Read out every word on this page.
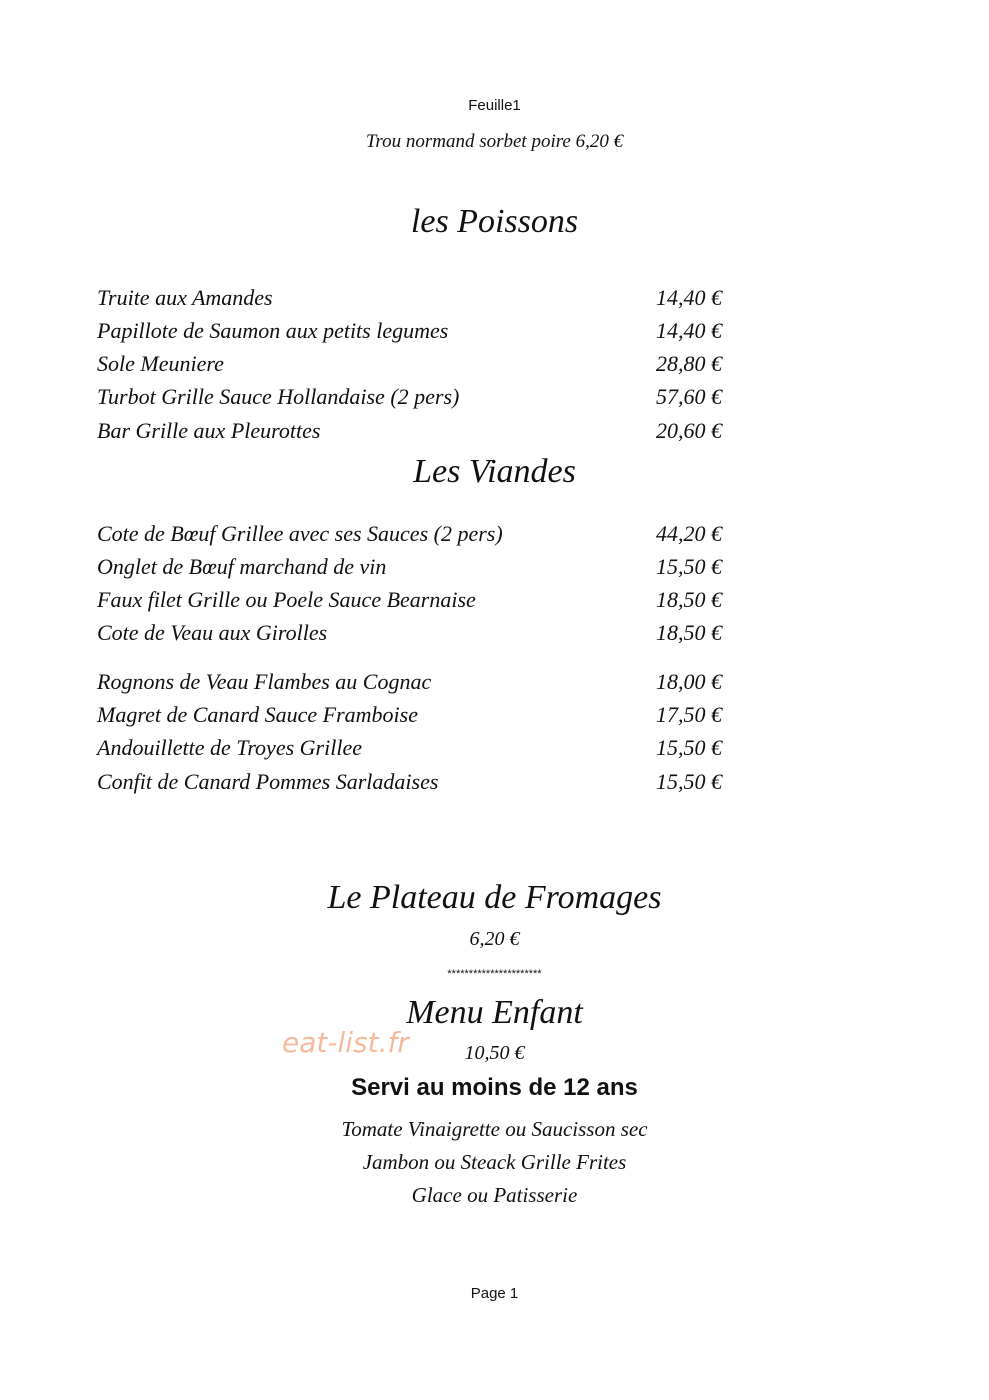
Feuille1
Trou normand sorbet poire 6,20 €
les Poissons
Truite aux Amandes	14,40 €
Papillote de Saumon aux petits legumes	14,40 €
Sole Meuniere	28,80 €
Turbot Grille Sauce Hollandaise (2 pers)	57,60 €
Bar Grille aux Pleurottes	20,60 €
Les Viandes
Cote de Bœuf Grillee avec ses Sauces (2 pers)	44,20 €
Onglet de Bœuf marchand de vin	15,50 €
Faux filet Grille ou Poele Sauce Bearnaise	18,50 €
Cote de Veau aux Girolles	18,50 €
Rognons de Veau Flambes au Cognac	18,00 €
Magret de Canard Sauce Framboise	17,50 €
Andouillette de Troyes Grillee	15,50 €
Confit de Canard Pommes Sarladaises	15,50 €
Le Plateau de Fromages
6,20 €
**********************
Menu Enfant
eat-list.fr	10,50 €
Servi au moins de 12 ans
Tomate Vinaigrette ou Saucisson sec
Jambon ou Steack Grille Frites
Glace ou Patisserie
Page 1
